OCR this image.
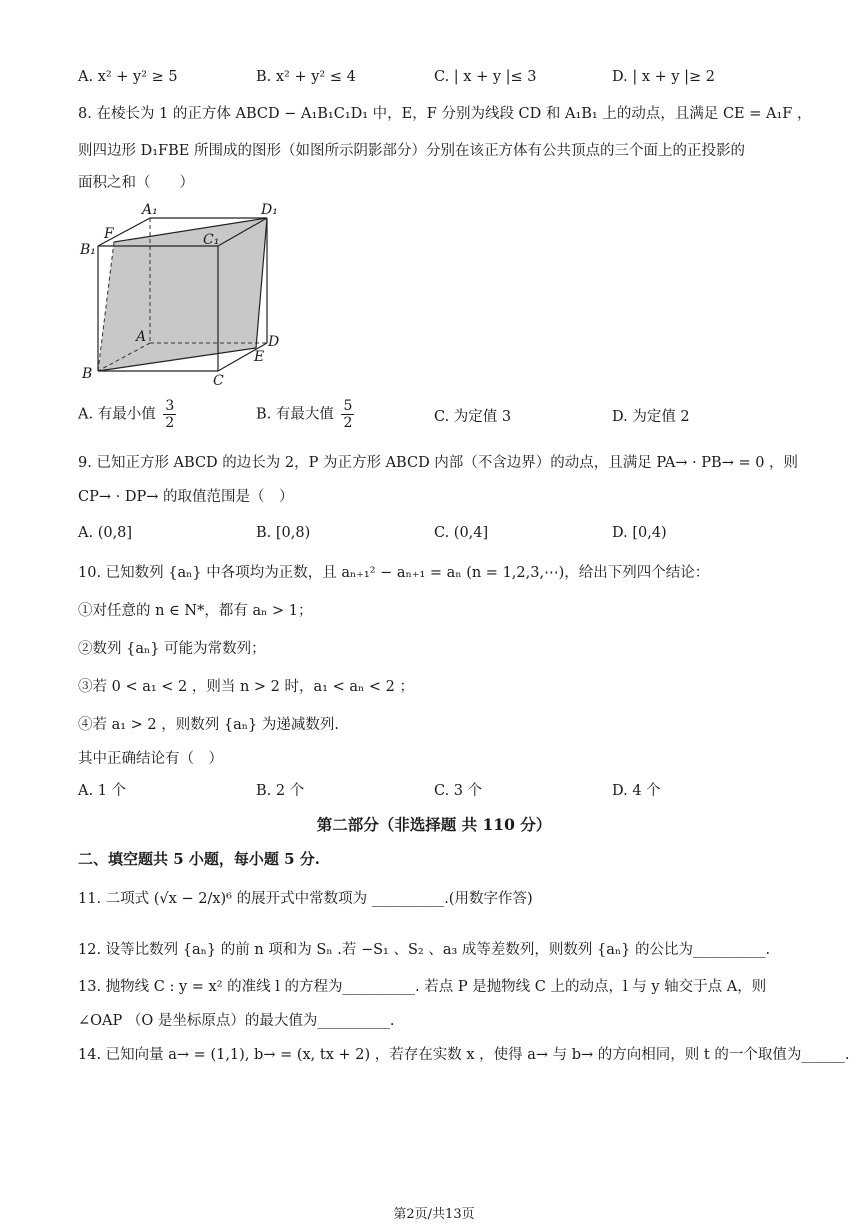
A. x² + y² ≥ 5	B. x² + y² ≤ 4	C. | x + y |≤ 3	D. | x + y |≥ 2
8. 在棱长为 1 的正方体 ABCD − A₁B₁C₁D₁ 中，E，F 分别为线段 CD 和 A₁B₁ 上的动点，且满足 CE = A₁F ，
则四边形 D₁FBE 所围成的图形（如图所示阴影部分）分别在该正方体有公共顶点的三个面上的正投影的
面积之和（　　）
A₁	D₁
F	C₁
B₁
A	D
E
B	C
A. 有最小值 $\frac{3}{2}$	B. 有最大值 $\frac{5}{2}$	C. 为定值 3	D. 为定值 2
9. 已知正方形 ABCD 的边长为 2，P 为正方形 ABCD 内部（不含边界）的动点，且满足 PA→ · PB→ = 0 ，则
CP→ · DP→ 的取值范围是（　）
A. (0,8]	B. [0,8)	C. (0,4]	D. [0,4)
10. 已知数列 {aₙ} 中各项均为正数，且 aₙ₊₁² − aₙ₊₁ = aₙ (n = 1,2,3,⋯)，给出下列四个结论：
①对任意的 n ∈ N*，都有 aₙ > 1；
②数列 {aₙ} 可能为常数列；
③若 0 < a₁ < 2 ，则当 n > 2 时，a₁ < aₙ < 2 ；
④若 a₁ > 2 ，则数列 {aₙ} 为递减数列.
其中正确结论有（　）
A. 1 个	B. 2 个	C. 3 个	D. 4 个
第二部分（非选择题 共 110 分）
二、填空题共 5 小题，每小题 5 分.
11. 二项式 (√x − 2/x)⁶ 的展开式中常数项为 __________.(用数字作答)
12. 设等比数列 {aₙ} 的前 n 项和为 Sₙ .若 −S₁ 、S₂ 、a₃ 成等差数列，则数列 {aₙ} 的公比为__________.
13. 抛物线 C : y = x² 的准线 l 的方程为__________. 若点 P 是抛物线 C 上的动点，l 与 y 轴交于点 A，则
∠OAP （O 是坐标原点）的最大值为__________.
14. 已知向量 a→ = (1,1), b→ = (x, tx + 2) ，若存在实数 x ，使得 a→ 与 b→ 的方向相同，则 t 的一个取值为______.
第2页/共13页
